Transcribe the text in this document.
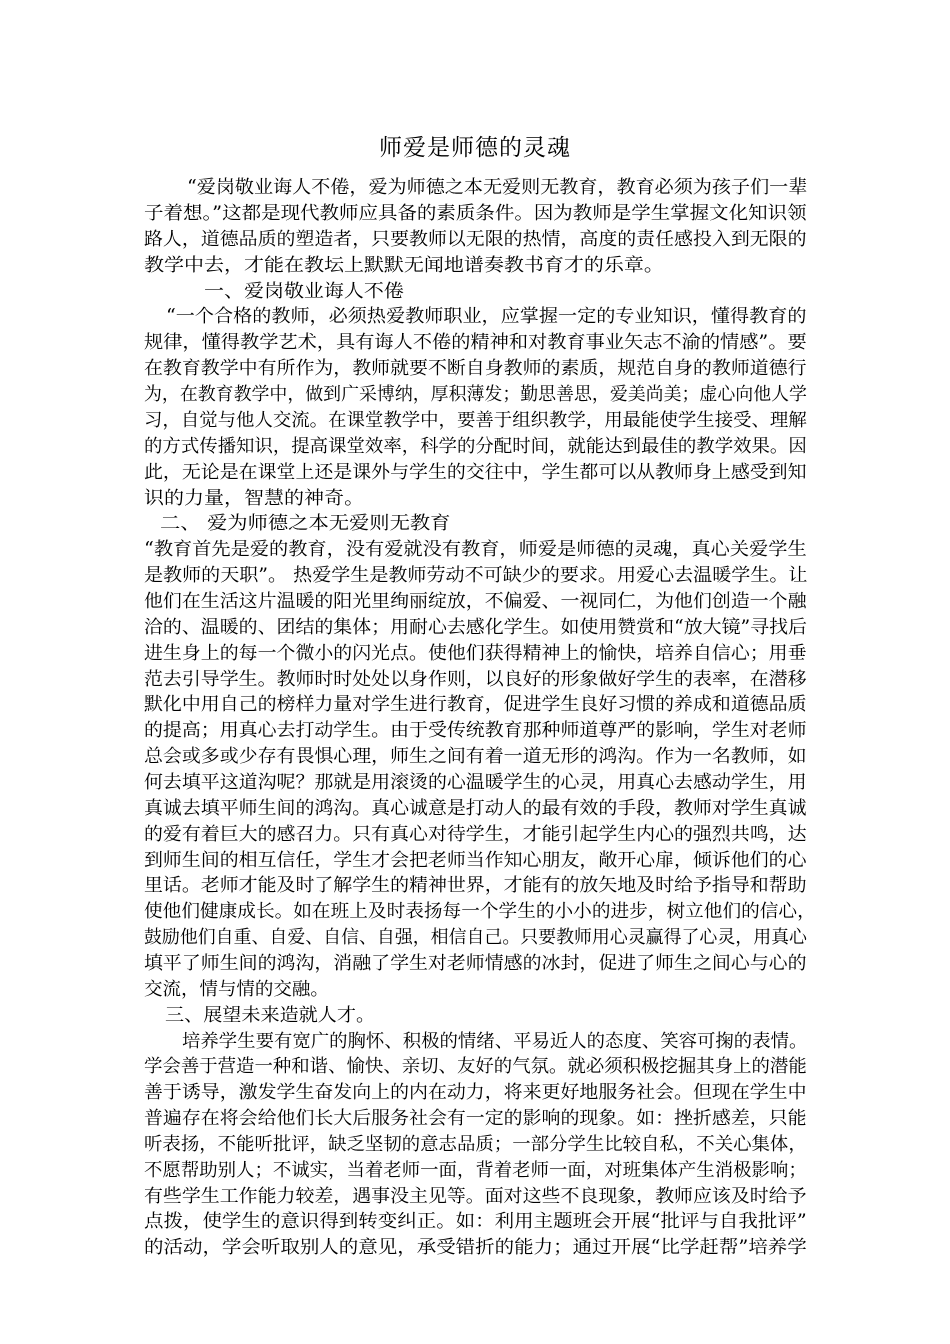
师爱是师德的灵魂
“爱岗敬业诲人不倦，爱为师德之本无爱则无教育，教育必须为孩子们一辈
子着想。”这都是现代教师应具备的素质条件。因为教师是学生掌握文化知识领
路人，道德品质的塑造者，只要教师以无限的热情，高度的责任感投入到无限的
教学中去，才能在教坛上默默无闻地谱奏教书育才的乐章。
一、爱岗敬业诲人不倦
“一个合格的教师，必须热爱教师职业，应掌握一定的专业知识，懂得教育的
规律，懂得教学艺术，具有诲人不倦的精神和对教育事业矢志不渝的情感”。要
在教育教学中有所作为，教师就要不断自身教师的素质，规范自身的教师道德行
为，在教育教学中，做到广采博纳，厚积薄发；勤思善思，爱美尚美；虚心向他人学
习，自觉与他人交流。在课堂教学中，要善于组织教学，用最能使学生接受、理解
的方式传播知识，提高课堂效率，科学的分配时间，就能达到最佳的教学效果。因
此，无论是在课堂上还是课外与学生的交往中，学生都可以从教师身上感受到知
识的力量，智慧的神奇。
二、 爱为师德之本无爱则无教育
“教育首先是爱的教育，没有爱就没有教育，师爱是师德的灵魂，真心关爱学生
是教师的天职”。 热爱学生是教师劳动不可缺少的要求。用爱心去温暖学生。让
他们在生活这片温暖的阳光里绚丽绽放，不偏爱、一视同仁，为他们创造一个融
洽的、温暖的、团结的集体；用耐心去感化学生。如使用赞赏和“放大镜”寻找后
进生身上的每一个微小的闪光点。使他们获得精神上的愉快，培养自信心；用垂
范去引导学生。教师时时处处以身作则，以良好的形象做好学生的表率，在潜移
默化中用自己的榜样力量对学生进行教育，促进学生良好习惯的养成和道德品质
的提高；用真心去打动学生。由于受传统教育那种师道尊严的影响，学生对老师
总会或多或少存有畏惧心理，师生之间有着一道无形的鸿沟。作为一名教师，如
何去填平这道沟呢？那就是用滚烫的心温暖学生的心灵，用真心去感动学生，用
真诚去填平师生间的鸿沟。真心诚意是打动人的最有效的手段，教师对学生真诚
的爱有着巨大的感召力。只有真心对待学生，才能引起学生内心的强烈共鸣，达
到师生间的相互信任，学生才会把老师当作知心朋友，敞开心扉，倾诉他们的心
里话。老师才能及时了解学生的精神世界，才能有的放矢地及时给予指导和帮助
使他们健康成长。如在班上及时表扬每一个学生的小小的进步，树立他们的信心，
鼓励他们自重、自爱、自信、自强，相信自己。只要教师用心灵赢得了心灵，用真心
填平了师生间的鸿沟，消融了学生对老师情感的冰封，促进了师生之间心与心的
交流，情与情的交融。
三、展望未来造就人才。
培养学生要有宽广的胸怀、积极的情绪、平易近人的态度、笑容可掬的表情。
学会善于营造一种和谐、愉快、亲切、友好的气氛。就必须积极挖掘其身上的潜能
善于诱导，激发学生奋发向上的内在动力，将来更好地服务社会。但现在学生中
普遍存在将会给他们长大后服务社会有一定的影响的现象。如：挫折感差，只能
听表扬，不能听批评，缺乏坚韧的意志品质；一部分学生比较自私，不关心集体，
不愿帮助别人；不诚实，当着老师一面，背着老师一面，对班集体产生消极影响；
有些学生工作能力较差，遇事没主见等。面对这些不良现象，教师应该及时给予
点拨，使学生的意识得到转变纠正。如：利用主题班会开展“批评与自我批评”
的活动，学会听取别人的意见，承受错折的能力；通过开展“比学赶帮”培养学
